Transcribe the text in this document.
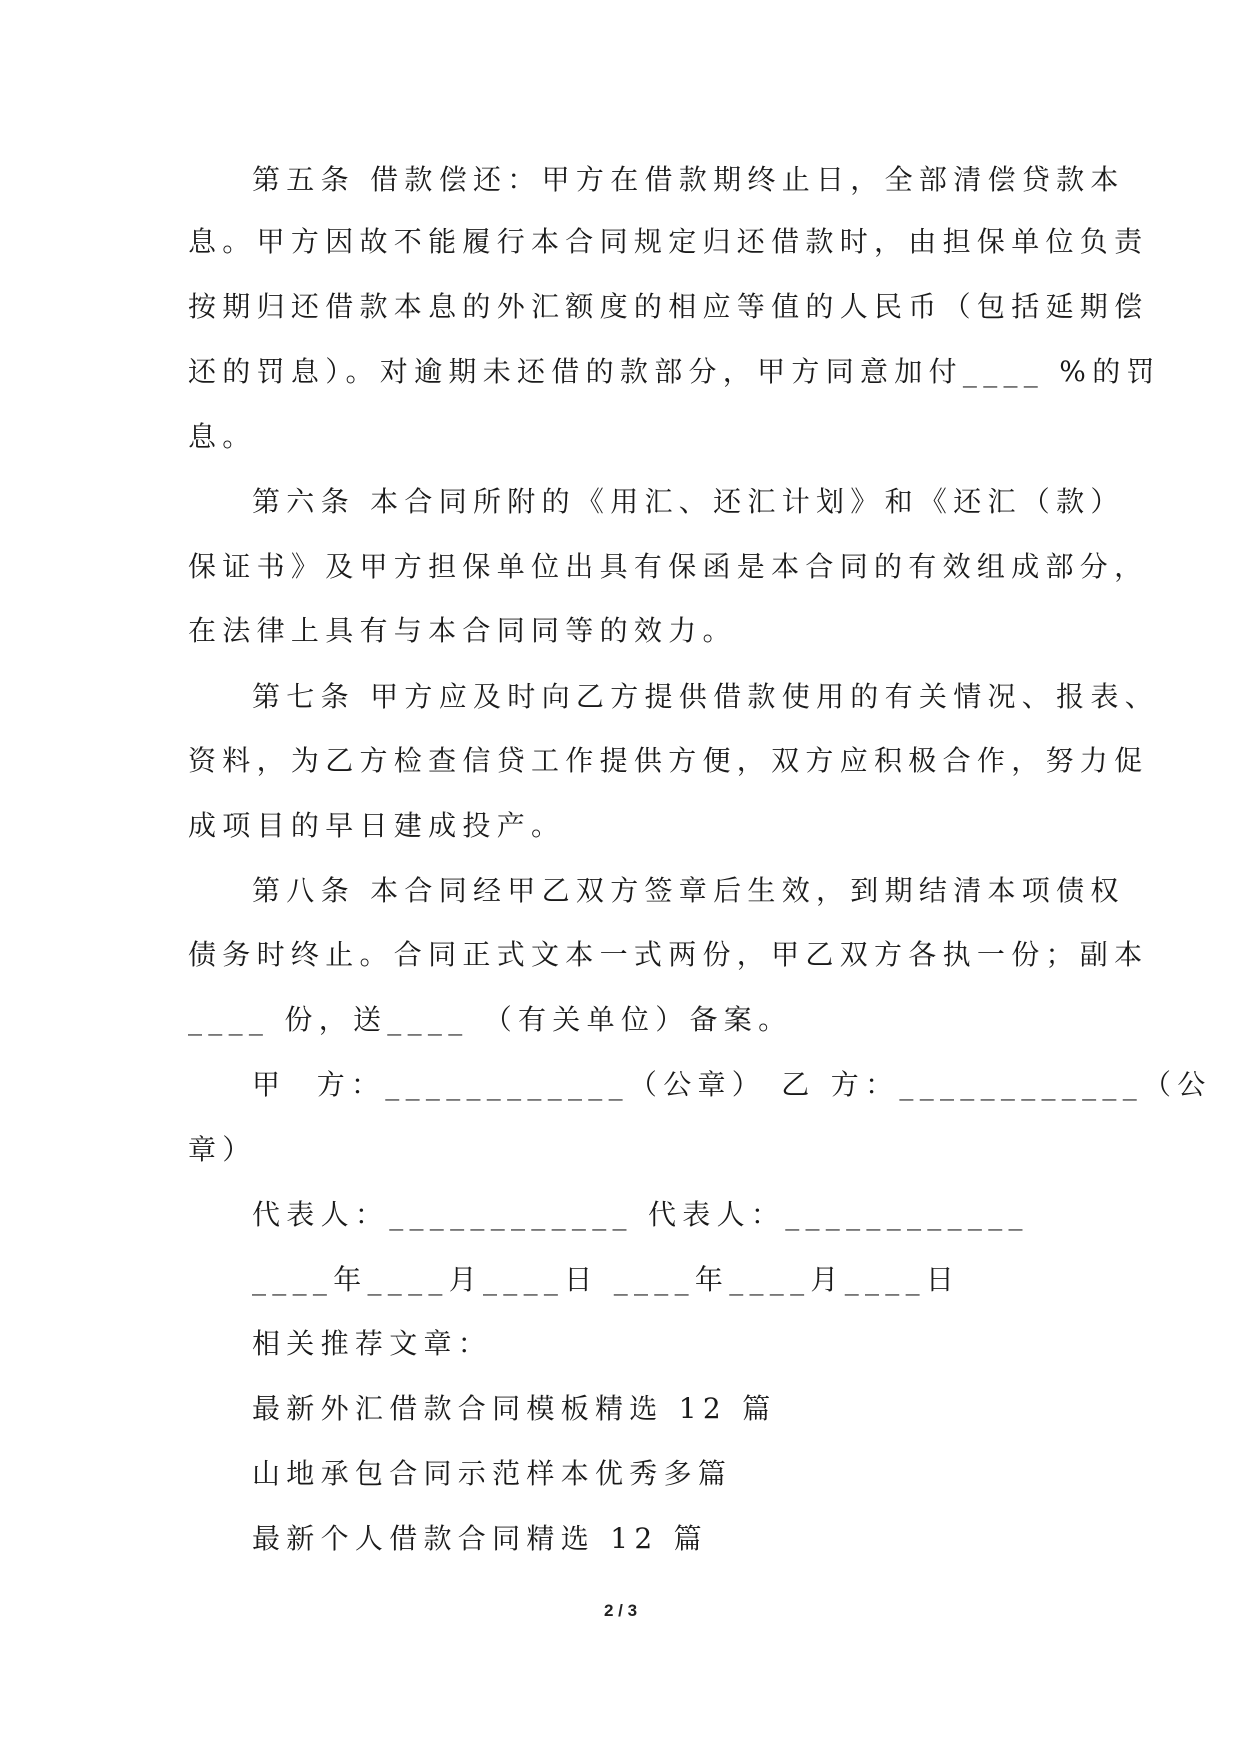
第五条 借款偿还：甲方在借款期终止日，全部清偿贷款本
息。甲方因故不能履行本合同规定归还借款时，由担保单位负责
按期归还借款本息的外汇额度的相应等值的人民币（包括延期偿
还的罚息）。对逾期未还借的款部分，甲方同意加付____ %的罚
息。
第六条 本合同所附的《用汇、还汇计划》和《还汇（款）
保证书》及甲方担保单位出具有保函是本合同的有效组成部分，
在法律上具有与本合同同等的效力。
第七条 甲方应及时向乙方提供借款使用的有关情况、报表、
资料，为乙方检查信贷工作提供方便，双方应积极合作，努力促
成项目的早日建成投产。
第八条 本合同经甲乙双方签章后生效，到期结清本项债权
债务时终止。合同正式文本一式两份，甲乙双方各执一份；副本
____ 份，送____ （有关单位）备案。
甲  方：____________（公章） 乙 方：____________（公
章）
代表人：____________ 代表人：____________
____年____月____日 ____年____月____日
相关推荐文章：
最新外汇借款合同模板精选 12 篇
山地承包合同示范样本优秀多篇
最新个人借款合同精选 12 篇
2 / 3
